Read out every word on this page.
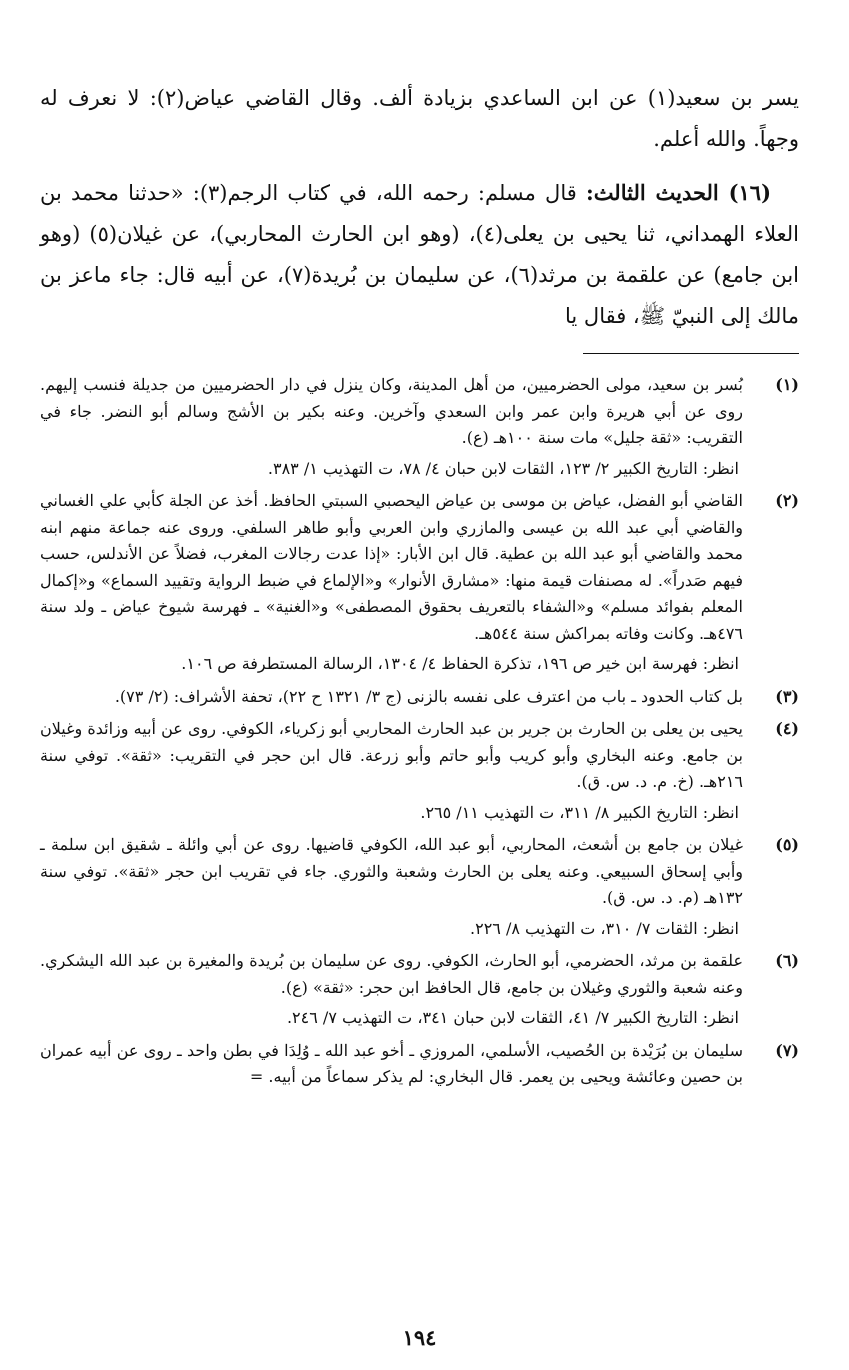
يسر بن سعيد(١) عن ابن الساعدي بزيادة ألف. وقال القاضي عياض(٢): لا نعرف له وجهاً. والله أعلم.

(١٦) الحديث الثالث: قال مسلم: رحمه الله، في كتاب الرجم(٣): «حدثنا محمد بن العلاء الهمداني، ثنا يحيى بن يعلى(٤)، (وهو ابن الحارث المحاربي)، عن غيلان(٥) (وهو ابن جامع) عن علقمة بن مرثد(٦)، عن سليمان بن بُريدة(٧)، عن أبيه قال: جاء ماعز بن مالك إلى النبيّ ﷺ، فقال يا

(١)

بُسر بن سعيد، مولى الحضرميين، من أهل المدينة، وكان ينزل في دار الحضرميين من جديلة فنسب إليهم. روى عن أبي هريرة وابن عمر وابن السعدي وآخرين. وعنه بكير بن الأشج وسالم أبو النضر. جاء في التقريب: «ثقة جليل» مات سنة ١٠٠هـ (ع).

انظر: التاريخ الكبير ٢/ ١٢٣، الثقات لابن حبان ٤/ ٧٨، ت التهذيب ١/ ٣٨٣.

(٢)

القاضي أبو الفضل، عياض بن موسى بن عياض اليحصبي السبتي الحافظ. أخذ عن الجلة كأبي علي الغساني والقاضي أبي عبد الله بن عيسى والمازري وابن العربي وأبو طاهر السلفي. وروى عنه جماعة منهم ابنه محمد والقاضي أبو عبد الله بن عطية. قال ابن الأبار: «إذا عدت رجالات المغرب، فضلاً عن الأندلس، حسب فيهم صَدراً». له مصنفات قيمة منها: «مشارق الأنوار» و«الإلماع في ضبط الرواية وتقييد السماع» و«إكمال المعلم بفوائد مسلم» و«الشفاء بالتعريف بحقوق المصطفى» و«الغنية» ـ فهرسة شيوخ عياض ـ ولد سنة ٤٧٦هـ. وكانت وفاته بمراكش سنة ٥٤٤هـ.

انظر: فهرسة ابن خير ص ١٩٦، تذكرة الحفاظ ٤/ ١٣٠٤، الرسالة المستطرفة ص ١٠٦.

(٣)

بل كتاب الحدود ـ باب من اعترف على نفسه بالزنى (ج ٣/ ١٣٢١ ح ٢٢)، تحفة الأشراف: (٢/ ٧٣).

(٤)

يحيى بن يعلى بن الحارث بن جرير بن عبد الحارث المحاربي أبو زكرياء، الكوفي. روى عن أبيه وزائدة وغيلان بن جامع. وعنه البخاري وأبو كريب وأبو حاتم وأبو زرعة. قال ابن حجر في التقريب: «ثقة». توفي سنة ٢١٦هـ. (خ. م. د. س. ق).

انظر: التاريخ الكبير ٨/ ٣١١، ت التهذيب ١١/ ٢٦٥.

(٥)

غيلان بن جامع بن أشعث، المحاربي، أبو عبد الله، الكوفي قاضيها. روى عن أبي وائلة ـ شقيق ابن سلمة ـ وأبي إسحاق السبيعي. وعنه يعلى بن الحارث وشعبة والثوري. جاء في تقريب ابن حجر «ثقة». توفي سنة ١٣٢هـ (م. د. س. ق).

انظر: الثقات ٧/ ٣١٠، ت التهذيب ٨/ ٢٢٦.

(٦)

علقمة بن مرثد، الحضرمي، أبو الحارث، الكوفي. روى عن سليمان بن بُريدة والمغيرة بن عبد الله اليشكري. وعنه شعبة والثوري وغيلان بن جامع، قال الحافظ ابن حجر: «ثقة» (ع).

انظر: التاريخ الكبير ٧/ ٤١، الثقات لابن حبان ٣٤١، ت التهذيب ٧/ ٢٤٦.

(٧)

سليمان بن بُرَيْدة بن الحُصيب، الأسلمي، المروزي ـ أخو عبد الله ـ وُلِدَا في بطن واحد ـ روى عن أبيه عمران بن حصين وعائشة ويحيى بن يعمر. قال البخاري: لم يذكر سماعاً من أبيه. =

١٩٤
